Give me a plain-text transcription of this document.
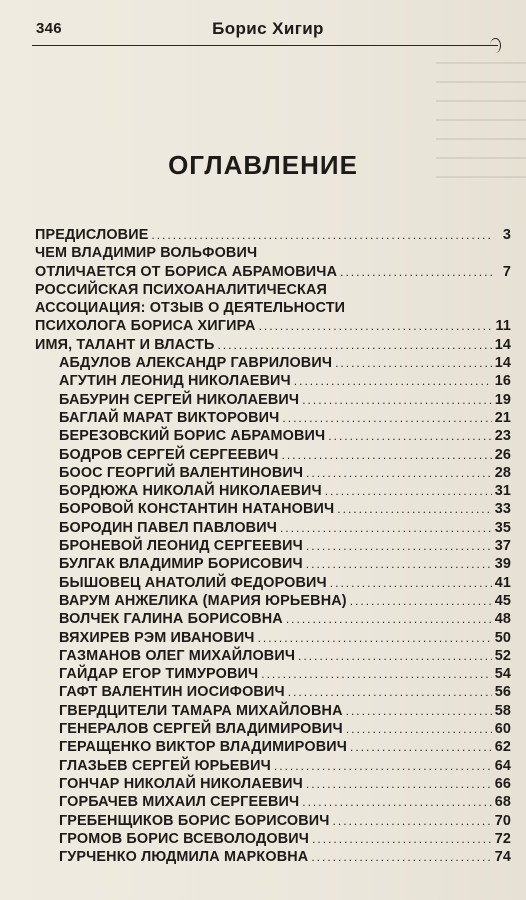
346	Борис Хигир
ОГЛАВЛЕНИЕ
ПРЕДИСЛОВИЕ .....	3
ЧЕМ ВЛАДИМИР ВОЛЬФОВИЧ
ОТЛИЧАЕТСЯ ОТ БОРИСА АБРАМОВИЧА .....	7
РОССИЙСКАЯ ПСИХОАНАЛИТИЧЕСКАЯ
АССОЦИАЦИЯ: ОТЗЫВ О ДЕЯТЕЛЬНОСТИ
ПСИХОЛОГА БОРИСА ХИГИРА .....	11
ИМЯ, ТАЛАНТ И ВЛАСТЬ .....	14
АБДУЛОВ АЛЕКСАНДР ГАВРИЛОВИЧ .....	14
АГУТИН ЛЕОНИД НИКОЛАЕВИЧ .....	16
БАБУРИН СЕРГЕЙ НИКОЛАЕВИЧ .....	19
БАГЛАЙ МАРАТ ВИКТОРОВИЧ .....	21
БЕРЕЗОВСКИЙ БОРИС АБРАМОВИЧ .....	23
БОДРОВ СЕРГЕЙ СЕРГЕЕВИЧ .....	26
БООС ГЕОРГИЙ ВАЛЕНТИНОВИЧ .....	28
БОРДЮЖА НИКОЛАЙ НИКОЛАЕВИЧ .....	31
БОРОВОЙ КОНСТАНТИН НАТАНОВИЧ .....	33
БОРОДИН ПАВЕЛ ПАВЛОВИЧ .....	35
БРОНЕВОЙ ЛЕОНИД СЕРГЕЕВИЧ .....	37
БУЛГАК ВЛАДИМИР БОРИСОВИЧ .....	39
БЫШОВЕЦ АНАТОЛИЙ ФЕДОРОВИЧ .....	41
ВАРУМ АНЖЕЛИКА (МАРИЯ ЮРЬЕВНА) .....	45
ВОЛЧЕК ГАЛИНА БОРИСОВНА .....	48
ВЯХИРЕВ РЭМ ИВАНОВИЧ .....	50
ГАЗМАНОВ ОЛЕГ МИХАЙЛОВИЧ .....	52
ГАЙДАР ЕГОР ТИМУРОВИЧ .....	54
ГАФТ ВАЛЕНТИН ИОСИФОВИЧ .....	56
ГВЕРДЦИТЕЛИ ТАМАРА МИХАЙЛОВНА .....	58
ГЕНЕРАЛОВ СЕРГЕЙ ВЛАДИМИРОВИЧ .....	60
ГЕРАЩЕНКО ВИКТОР ВЛАДИМИРОВИЧ .....	62
ГЛАЗЬЕВ СЕРГЕЙ ЮРЬЕВИЧ .....	64
ГОНЧАР НИКОЛАЙ НИКОЛАЕВИЧ .....	66
ГОРБАЧЕВ МИХАИЛ СЕРГЕЕВИЧ .....	68
ГРЕБЕНЩИКОВ БОРИС БОРИСОВИЧ .....	70
ГРОМОВ БОРИС ВСЕВОЛОДОВИЧ .....	72
ГУРЧЕНКО ЛЮДМИЛА МАРКОВНА .....	74
